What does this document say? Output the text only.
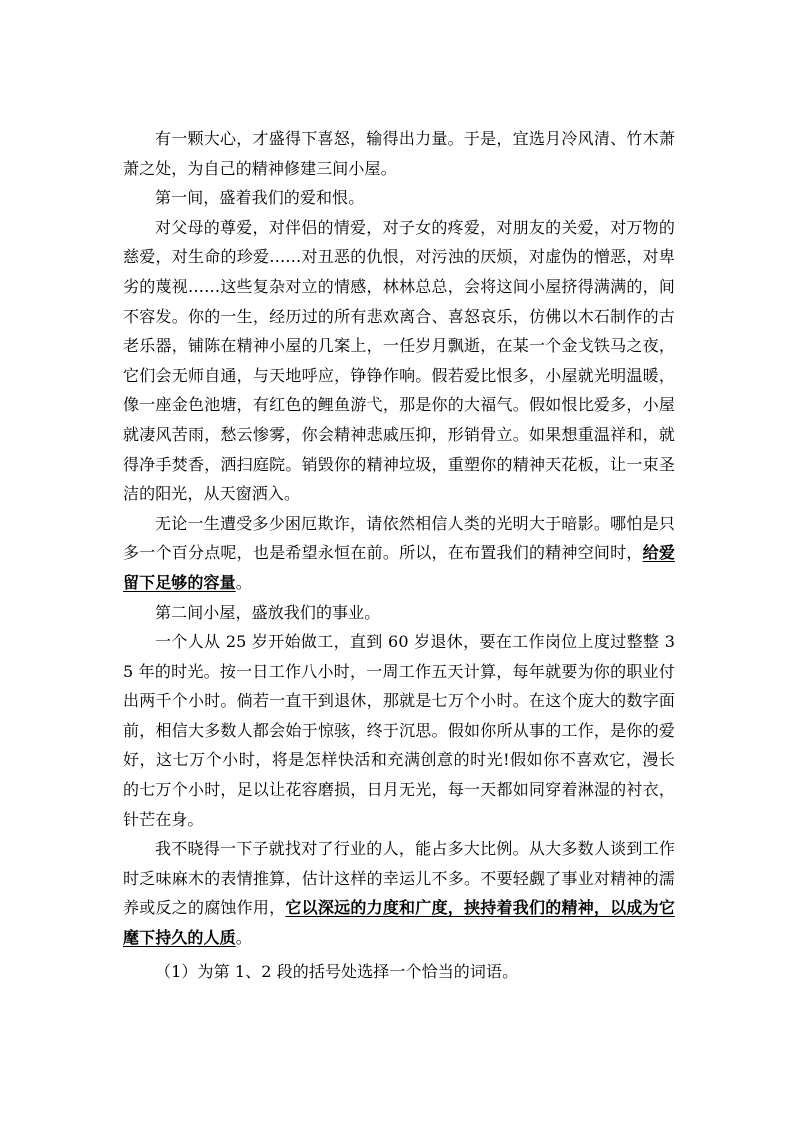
有一颗大心，才盛得下喜怒，输得出力量。于是，宜选月冷风清、竹木萧萧之处，为自己的精神修建三间小屋。

第一间，盛着我们的爱和恨。

对父母的尊爱，对伴侣的情爱，对子女的疼爱，对朋友的关爱，对万物的慈爱，对生命的珍爱……对丑恶的仇恨，对污浊的厌烦，对虚伪的憎恶，对卑劣的蔑视……这些复杂对立的情感，林林总总，会将这间小屋挤得满满的，间不容发。你的一生，经历过的所有悲欢离合、喜怒哀乐，仿佛以木石制作的古老乐器，铺陈在精神小屋的几案上，一任岁月飘逝，在某一个金戈铁马之夜，它们会无师自通，与天地呼应，铮铮作响。假若爱比恨多，小屋就光明温暖，像一座金色池塘，有红色的鲤鱼游弋，那是你的大福气。假如恨比爱多，小屋就凄风苦雨，愁云惨雾，你会精神悲戚压抑，形销骨立。如果想重温祥和，就得净手焚香，洒扫庭院。销毁你的精神垃圾，重塑你的精神天花板，让一束圣洁的阳光，从天窗洒入。

无论一生遭受多少困厄欺诈，请依然相信人类的光明大于暗影。哪怕是只多一个百分点呢，也是希望永恒在前。所以，在布置我们的精神空间时，给爱留下足够的容量。

第二间小屋，盛放我们的事业。

一个人从 25 岁开始做工，直到 60 岁退休，要在工作岗位上度过整整 35 年的时光。按一日工作八小时，一周工作五天计算，每年就要为你的职业付出两千个小时。倘若一直干到退休，那就是七万个小时。在这个庞大的数字面前，相信大多数人都会始于惊骇，终于沉思。假如你所从事的工作，是你的爱好，这七万个小时，将是怎样快活和充满创意的时光!假如你不喜欢它，漫长的七万个小时，足以让花容磨损，日月无光，每一天都如同穿着淋湿的衬衣，针芒在身。

我不晓得一下子就找对了行业的人，能占多大比例。从大多数人谈到工作时乏味麻木的表情推算，估计这样的幸运儿不多。不要轻觑了事业对精神的濡养或反之的腐蚀作用，它以深远的力度和广度，挟持着我们的精神，以成为它麾下持久的人质。

（1）为第 1、2 段的括号处选择一个恰当的词语。
